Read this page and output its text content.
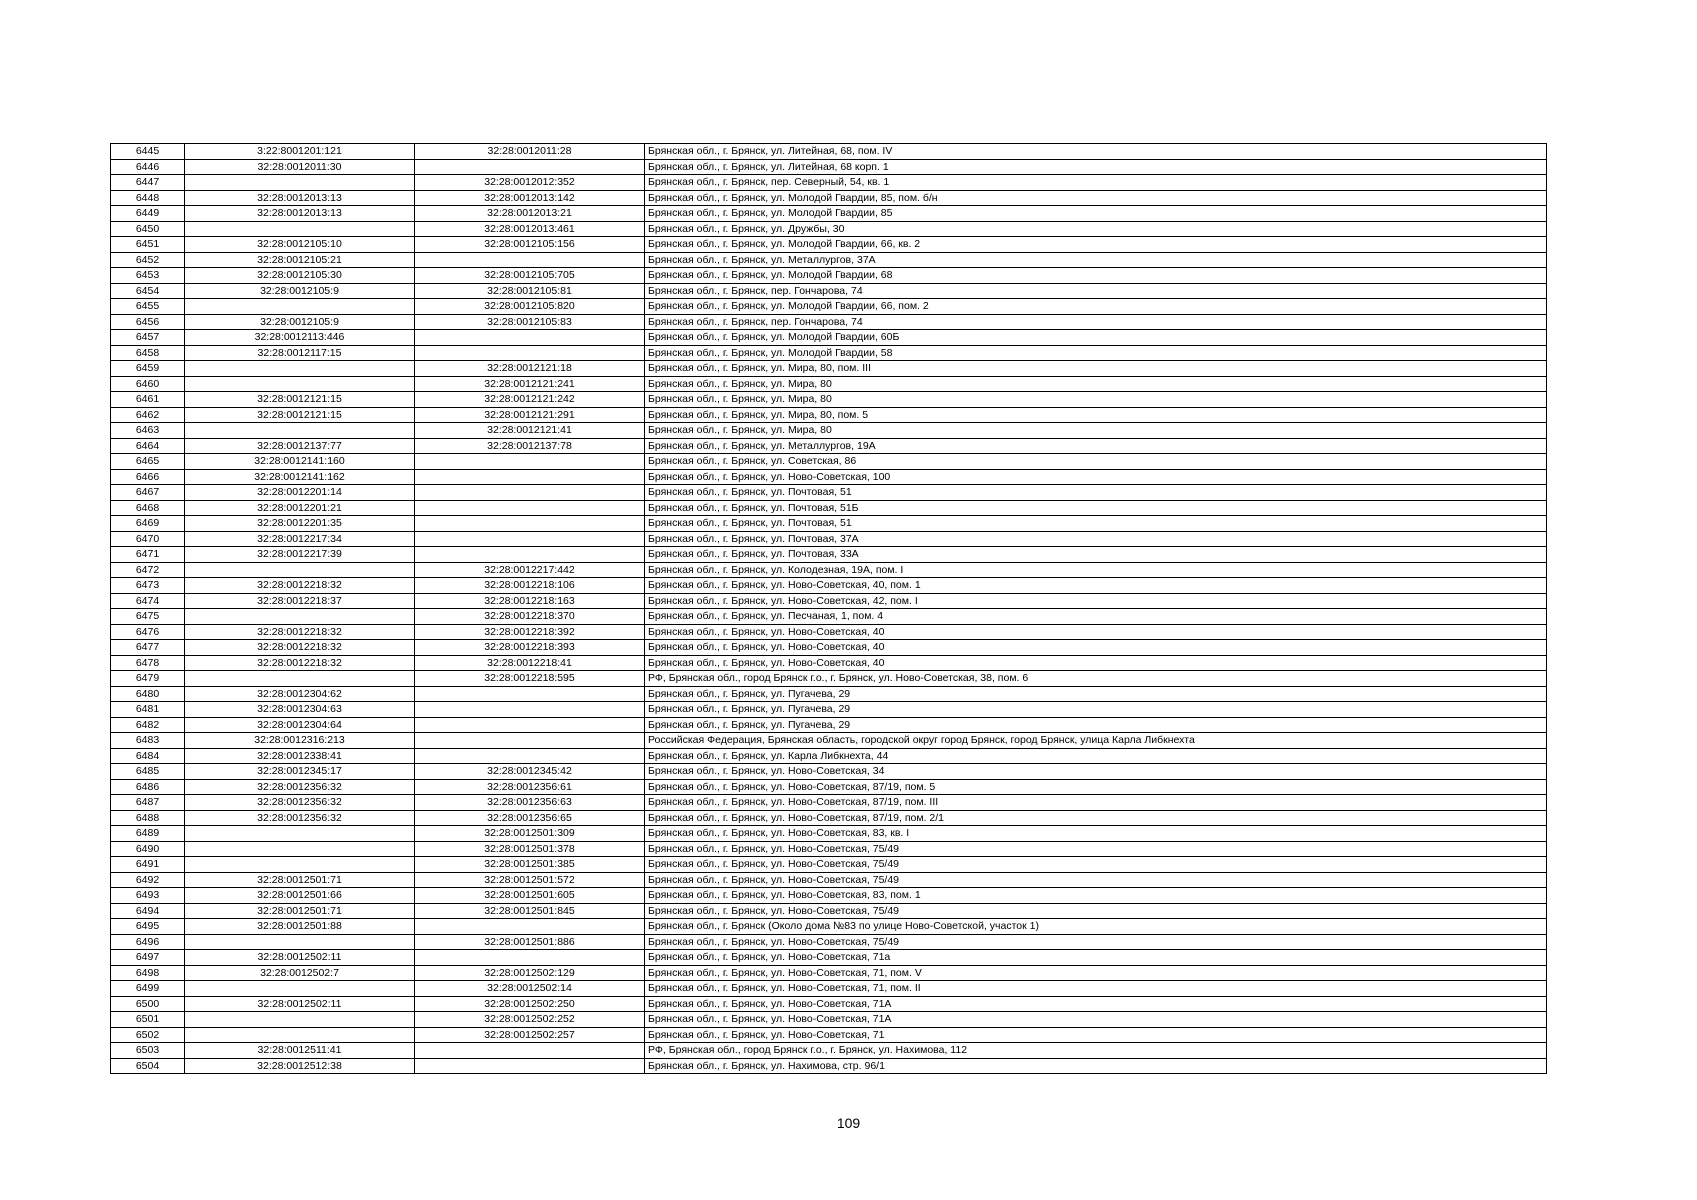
6445	3:22:8001201:121	32:28:0012011:28	Брянская обл., г. Брянск, ул. Литейная, 68, пом. IV
6446	32:28:0012011:30		Брянская обл., г. Брянск, ул. Литейная, 68 корп. 1
6447		32:28:0012012:352	Брянская обл., г. Брянск, пер. Северный, 54, кв. 1
6448	32:28:0012013:13	32:28:0012013:142	Брянская обл., г. Брянск, ул. Молодой Гвардии, 85, пом. б/н
6449	32:28:0012013:13	32:28:0012013:21	Брянская обл., г. Брянск, ул. Молодой Гвардии, 85
6450		32:28:0012013:461	Брянская обл., г. Брянск, ул. Дружбы, 30
6451	32:28:0012105:10	32:28:0012105:156	Брянская обл., г. Брянск, ул. Молодой Гвардии, 66, кв. 2
6452	32:28:0012105:21		Брянская обл., г. Брянск, ул. Металлургов, 37А
6453	32:28:0012105:30	32:28:0012105:705	Брянская обл., г. Брянск, ул. Молодой Гвардии, 68
6454	32:28:0012105:9	32:28:0012105:81	Брянская обл., г. Брянск, пер. Гончарова, 74
6455		32:28:0012105:820	Брянская обл., г. Брянск, ул. Молодой Гвардии, 66, пом. 2
6456	32:28:0012105:9	32:28:0012105:83	Брянская обл., г. Брянск, пер. Гончарова, 74
6457	32:28:0012113:446		Брянская обл., г. Брянск, ул. Молодой Гвардии, 60Б
6458	32:28:0012117:15		Брянская обл., г. Брянск, ул. Молодой Гвардии, 58
6459		32:28:0012121:18	Брянская обл., г. Брянск, ул. Мира, 80, пом. III
6460		32:28:0012121:241	Брянская обл., г. Брянск, ул. Мира, 80
6461	32:28:0012121:15	32:28:0012121:242	Брянская обл., г. Брянск, ул. Мира, 80
6462	32:28:0012121:15	32:28:0012121:291	Брянская обл., г. Брянск, ул. Мира, 80, пом. 5
6463		32:28:0012121:41	Брянская обл., г. Брянск, ул. Мира, 80
6464	32:28:0012137:77	32:28:0012137:78	Брянская обл., г. Брянск, ул. Металлургов, 19А
6465	32:28:0012141:160		Брянская обл., г. Брянск, ул. Советская, 86
6466	32:28:0012141:162		Брянская обл., г. Брянск, ул. Ново-Советская, 100
6467	32:28:0012201:14		Брянская обл., г. Брянск, ул. Почтовая, 51
6468	32:28:0012201:21		Брянская обл., г. Брянск, ул. Почтовая, 51Б
6469	32:28:0012201:35		Брянская обл., г. Брянск, ул. Почтовая, 51
6470	32:28:0012217:34		Брянская обл., г. Брянск, ул. Почтовая, 37А
6471	32:28:0012217:39		Брянская обл., г. Брянск, ул. Почтовая, 33А
6472		32:28:0012217:442	Брянская обл., г. Брянск, ул. Колодезная, 19А, пом. I
6473	32:28:0012218:32	32:28:0012218:106	Брянская обл., г. Брянск, ул. Ново-Советская, 40, пом. 1
6474	32:28:0012218:37	32:28:0012218:163	Брянская обл., г. Брянск, ул. Ново-Советская, 42, пом. I
6475		32:28:0012218:370	Брянская обл., г. Брянск, ул. Песчаная, 1, пом. 4
6476	32:28:0012218:32	32:28:0012218:392	Брянская обл., г. Брянск, ул. Ново-Советская, 40
6477	32:28:0012218:32	32:28:0012218:393	Брянская обл., г. Брянск, ул. Ново-Советская, 40
6478	32:28:0012218:32	32:28:0012218:41	Брянская обл., г. Брянск, ул. Ново-Советская, 40
6479		32:28:0012218:595	РФ, Брянская обл., город Брянск г.о., г. Брянск, ул. Ново-Советская, 38, пом. 6
6480	32:28:0012304:62		Брянская обл., г. Брянск, ул. Пугачева, 29
6481	32:28:0012304:63		Брянская обл., г. Брянск, ул. Пугачева, 29
6482	32:28:0012304:64		Брянская обл., г. Брянск, ул. Пугачева, 29
6483	32:28:0012316:213		Российская Федерация, Брянская область, городской округ город Брянск, город Брянск, улица Карла Либкнехта
6484	32:28:0012338:41		Брянская обл., г. Брянск, ул. Карла Либкнехта, 44
6485	32:28:0012345:17	32:28:0012345:42	Брянская обл., г. Брянск, ул. Ново-Советская, 34
6486	32:28:0012356:32	32:28:0012356:61	Брянская обл., г. Брянск, ул. Ново-Советская, 87/19, пом. 5
6487	32:28:0012356:32	32:28:0012356:63	Брянская обл., г. Брянск, ул. Ново-Советская, 87/19, пом. III
6488	32:28:0012356:32	32:28:0012356:65	Брянская обл., г. Брянск, ул. Ново-Советская, 87/19, пом. 2/1
6489		32:28:0012501:309	Брянская обл., г. Брянск, ул. Ново-Советская, 83, кв. I
6490		32:28:0012501:378	Брянская обл., г. Брянск, ул. Ново-Советская, 75/49
6491		32:28:0012501:385	Брянская обл., г. Брянск, ул. Ново-Советская, 75/49
6492	32:28:0012501:71	32:28:0012501:572	Брянская обл., г. Брянск, ул. Ново-Советская, 75/49
6493	32:28:0012501:66	32:28:0012501:605	Брянская обл., г. Брянск, ул. Ново-Советская, 83, пом. 1
6494	32:28:0012501:71	32:28:0012501:845	Брянская обл., г. Брянск, ул. Ново-Советская, 75/49
6495	32:28:0012501:88		Брянская обл., г. Брянск (Около дома №83 по улице Ново-Советской, участок 1)
6496		32:28:0012501:886	Брянская обл., г. Брянск, ул. Ново-Советская, 75/49
6497	32:28:0012502:11		Брянская обл., г. Брянск, ул. Ново-Советская, 71а
6498	32:28:0012502:7	32:28:0012502:129	Брянская обл., г. Брянск, ул. Ново-Советская, 71, пом. V
6499		32:28:0012502:14	Брянская обл., г. Брянск, ул. Ново-Советская, 71, пом. II
6500	32:28:0012502:11	32:28:0012502:250	Брянская обл., г. Брянск, ул. Ново-Советская, 71А
6501		32:28:0012502:252	Брянская обл., г. Брянск, ул. Ново-Советская, 71А
6502		32:28:0012502:257	Брянская обл., г. Брянск, ул. Ново-Советская, 71
6503	32:28:0012511:41		РФ, Брянская обл., город Брянск г.о., г. Брянск, ул. Нахимова, 112
6504	32:28:0012512:38		Брянская обл., г. Брянск, ул. Нахимова, стр. 96/1
109
